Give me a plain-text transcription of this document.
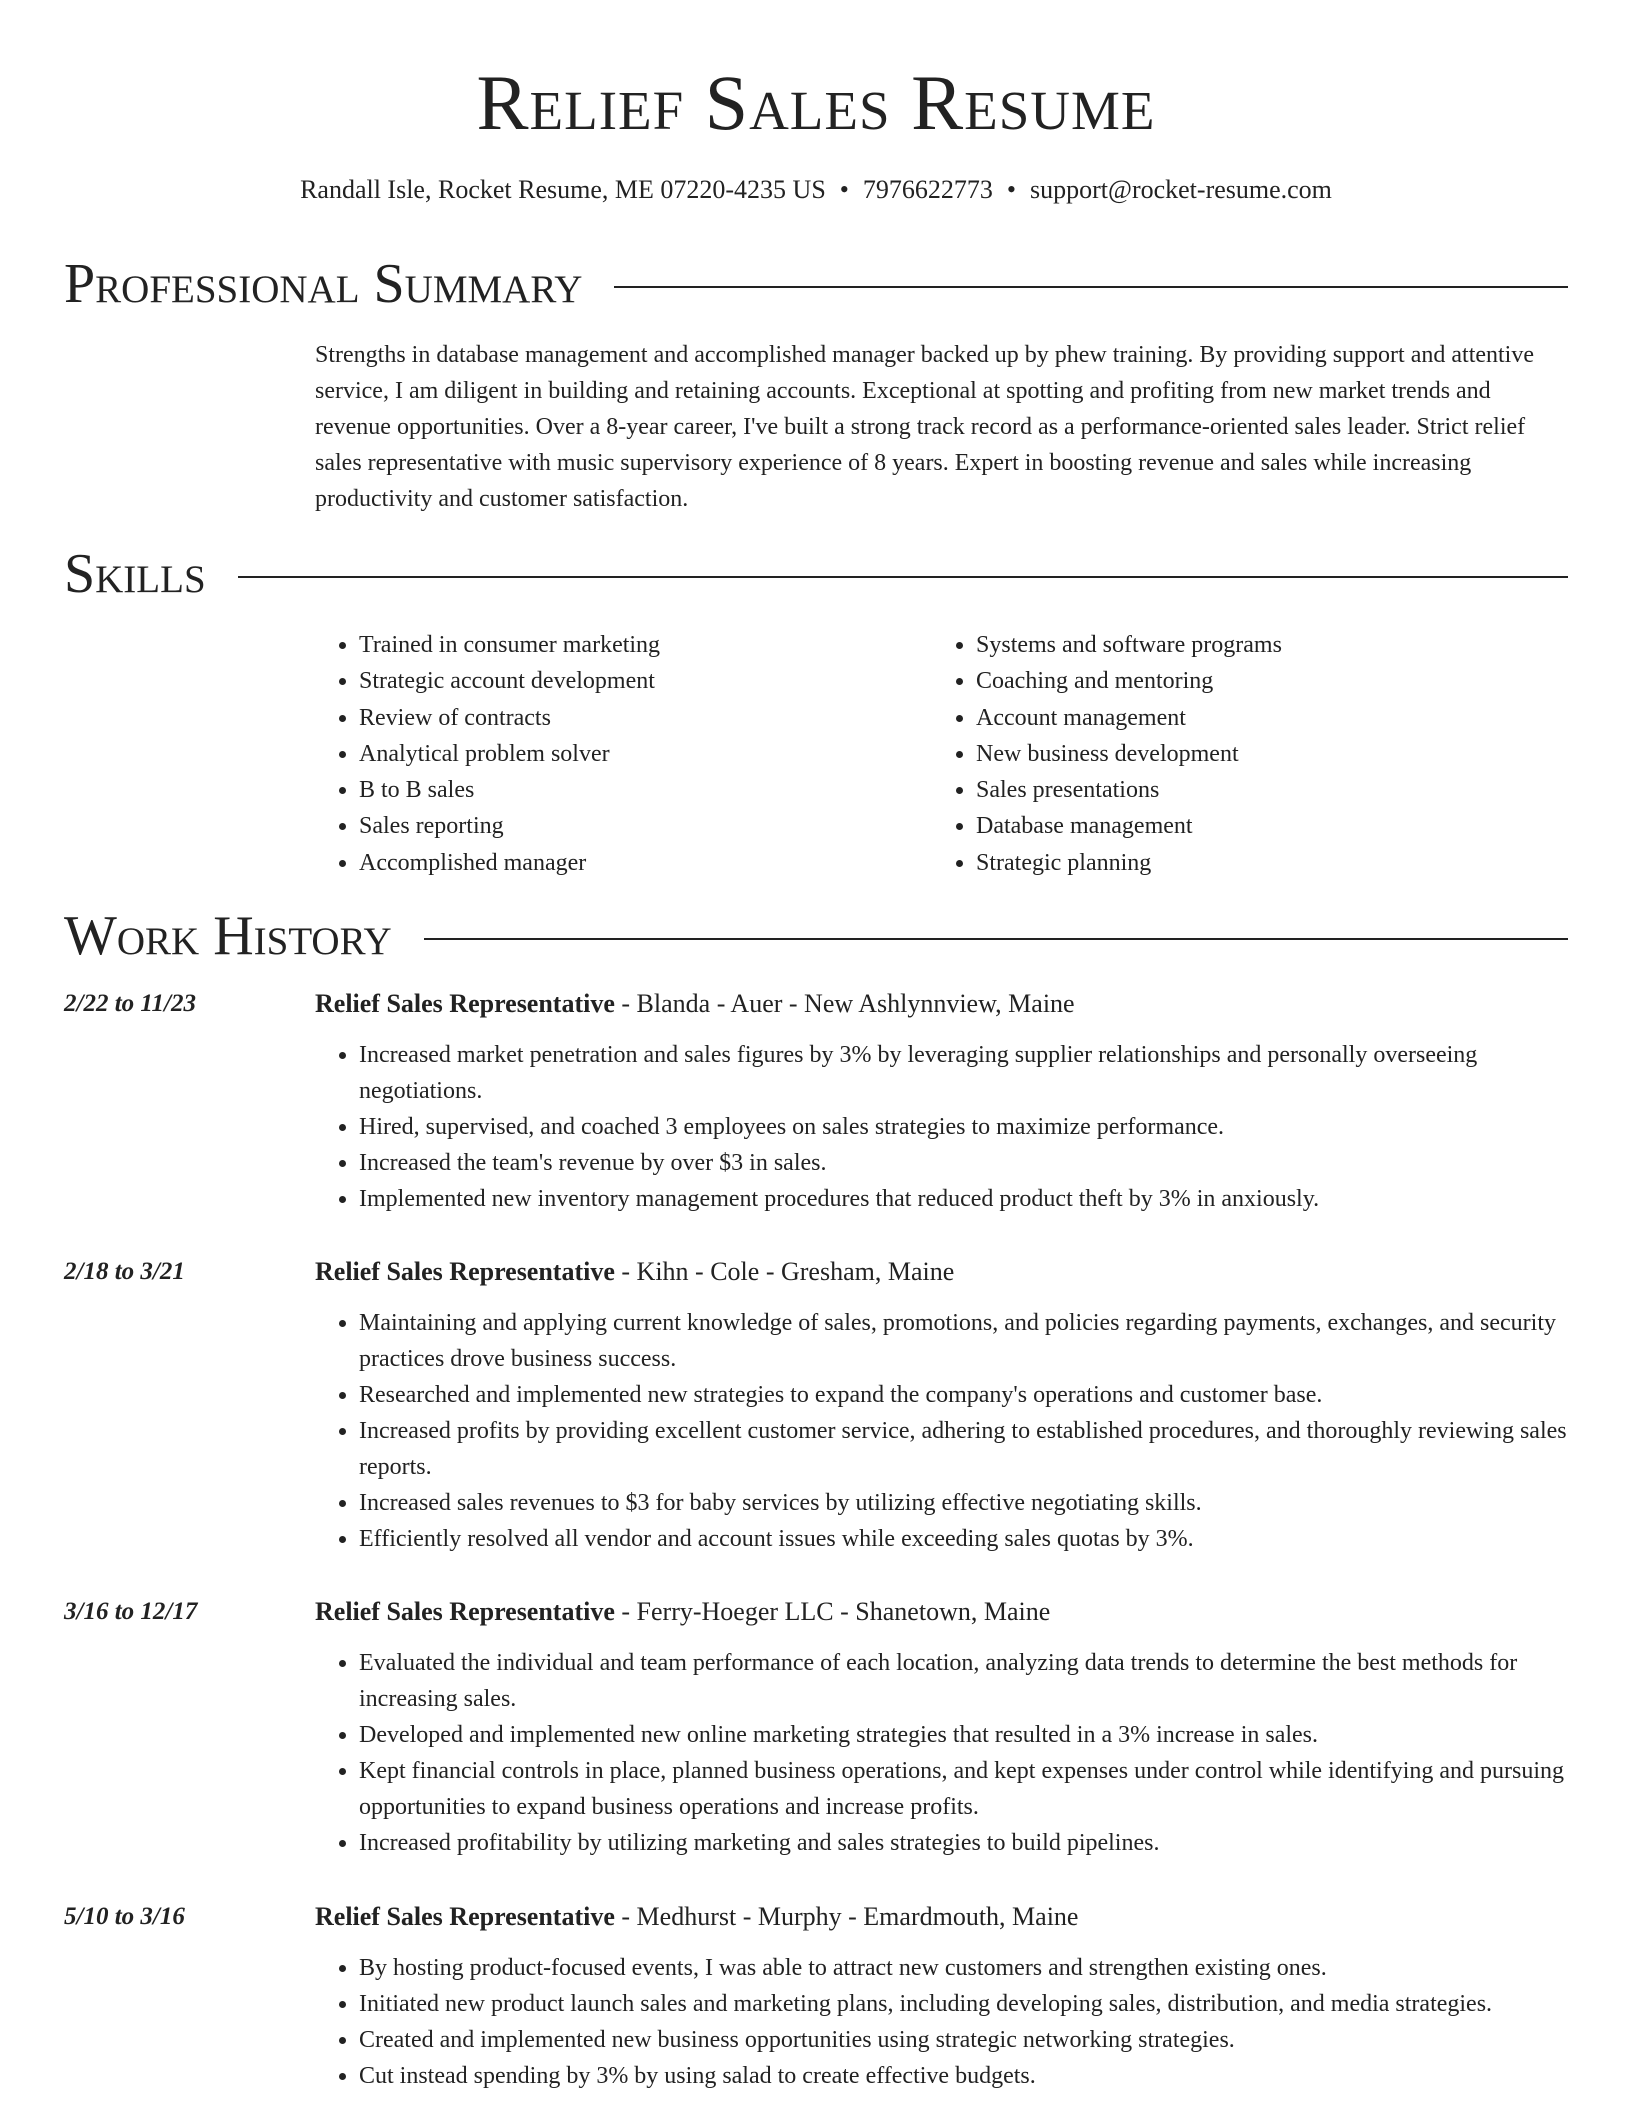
Relief Sales Resume
Randall Isle, Rocket Resume, ME 07220-4235 US • 7976622773 • support@rocket-resume.com
Professional Summary

Strengths in database management and accomplished manager backed up by phew training. By providing support and attentive service, I am diligent in building and retaining accounts. Exceptional at spotting and profiting from new market trends and revenue opportunities. Over a 8-year career, I've built a strong track record as a performance-oriented sales leader. Strict relief sales representative with music supervisory experience of 8 years. Expert in boosting revenue and sales while increasing productivity and customer satisfaction.

Skills
• Trained in consumer marketing
• Strategic account development
• Review of contracts
• Analytical problem solver
• B to B sales
• Sales reporting
• Accomplished manager
• Systems and software programs
• Coaching and mentoring
• Account management
• New business development
• Sales presentations
• Database management
• Strategic planning
Work History
2/22 to 11/23	Relief Sales Representative - Blanda - Auer - New Ashlynnview, Maine
• Increased market penetration and sales figures by 3% by leveraging supplier relationships and personally overseeing negotiations.
• Hired, supervised, and coached 3 employees on sales strategies to maximize performance.
• Increased the team's revenue by over $3 in sales.
• Implemented new inventory management procedures that reduced product theft by 3% in anxiously.
2/18 to 3/21	Relief Sales Representative - Kihn - Cole - Gresham, Maine
• Maintaining and applying current knowledge of sales, promotions, and policies regarding payments, exchanges, and security practices drove business success.
• Researched and implemented new strategies to expand the company's operations and customer base.
• Increased profits by providing excellent customer service, adhering to established procedures, and thoroughly reviewing sales reports.
• Increased sales revenues to $3 for baby services by utilizing effective negotiating skills.
• Efficiently resolved all vendor and account issues while exceeding sales quotas by 3%.
3/16 to 12/17	Relief Sales Representative - Ferry-Hoeger LLC - Shanetown, Maine
• Evaluated the individual and team performance of each location, analyzing data trends to determine the best methods for increasing sales.
• Developed and implemented new online marketing strategies that resulted in a 3% increase in sales.
• Kept financial controls in place, planned business operations, and kept expenses under control while identifying and pursuing opportunities to expand business operations and increase profits.
• Increased profitability by utilizing marketing and sales strategies to build pipelines.
5/10 to 3/16	Relief Sales Representative - Medhurst - Murphy - Emardmouth, Maine
• By hosting product-focused events, I was able to attract new customers and strengthen existing ones.
• Initiated new product launch sales and marketing plans, including developing sales, distribution, and media strategies.
• Created and implemented new business opportunities using strategic networking strategies.
• Cut instead spending by 3% by using salad to create effective budgets.
